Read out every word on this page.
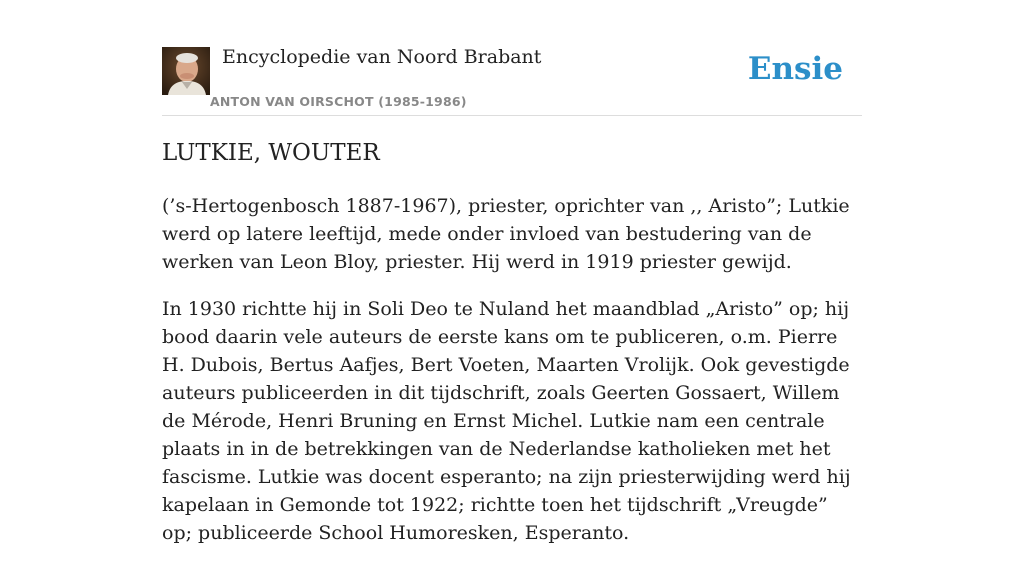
Encyclopedie van Noord Brabant
ANTON VAN OIRSCHOT (1985-1986)
Ensie
LUTKIE, WOUTER

(’s-Hertogenbosch 1887-1967), priester, oprichter van ,, Aristo”; Lutkie werd op latere leeftijd, mede onder invloed van bestudering van de werken van Leon Bloy, priester. Hij werd in 1919 priester gewijd.

In 1930 richtte hij in Soli Deo te Nuland het maandblad „Aristo” op; hij bood daarin vele auteurs de eerste kans om te publiceren, o.m. Pierre H. Dubois, Bertus Aafjes, Bert Voeten, Maarten Vrolijk. Ook gevestigde auteurs publiceerden in dit tijdschrift, zoals Geerten Gossaert, Willem de Mérode, Henri Bruning en Ernst Michel. Lutkie nam een centrale plaats in in de betrekkingen van de Nederlandse katholieken met het fascisme. Lutkie was docent esperanto; na zijn priesterwijding werd hij kapelaan in Gemonde tot 1922; richtte toen het tijdschrift „Vreugde” op; publiceerde School Humoresken, Esperanto.
